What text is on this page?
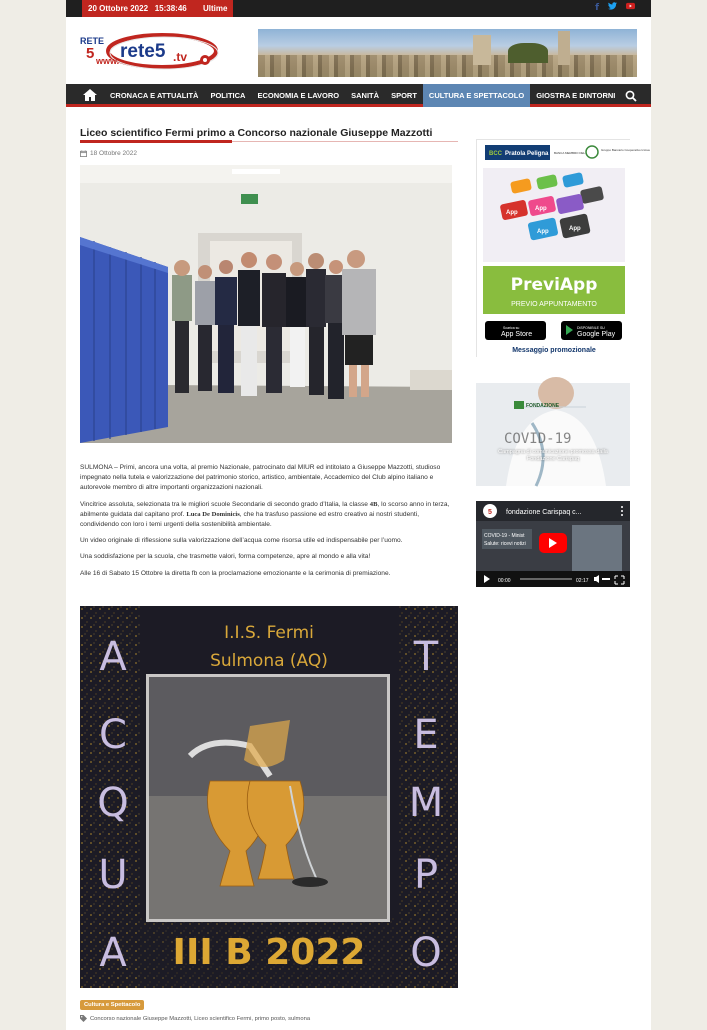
20 Ottobre 2022 15:38:46 Ultime	f
RETE
5 www. rete5 .tv
CRONACA E ATTUALITÀ	POLITICA	ECONOMIA E LAVORO	SANITÀ	SPORT	CULTURA E SPETTACOLO	GIOSTRA E DINTORNI
Liceo scientifico Fermi primo a Concorso nazionale Giuseppe Mazzotti
18 Ottobre 2022

SULMONA – Primi, ancora una volta, al premio Nazionale, patrocinato dal MIUR ed intitolato a Giuseppe Mazzotti, studioso impegnato nella tutela e valorizzazione del patrimonio storico, artistico, ambientale, Accademico del Club alpino italiano e autorevole membro di altre importanti organizzazioni nazionali.

Vincitrice assoluta, selezionata tra le migliori scuole Secondarie di secondo grado d’Italia, la classe 4B, lo scorso anno in terza, abilmente guidata dal capitano prof. Luca De Dominicis, che ha trasfuso passione ed estro creativo ai nostri studenti, condividendo con loro i temi urgenti della sostenibilità ambientale.

Un video originale di riflessione sulla valorizzazione dell’acqua come risorsa utile ed indispensabile per l’uomo.

Una soddisfazione per la scuola, che trasmette valori, forma competenze, apre al mondo e alla vita!

Alle 16 di Sabato 15 Ottobre la diretta fb con la proclamazione emozionante e la cerimonia di premiazione.

I.I.S. Fermi
Sulmona (AQ)
A
C
Q
U
A
T
E
M
P
O
III B 2022
Cultura e Spettacolo
Concorso nazionale Giuseppe Mazzotti, Liceo scientifico Fermi, primo posto, sulmona
BCC Pratola Peligna BANCA MEMBRO DEL
Gruppo Bancario Cooperativo Iccrea
App
App
App	App
PreviApp
PREVIO APPUNTAMENTO
Scarica su
App Store
DISPONIBILE SU
Google Play
Messaggio promozionale
FONDAZIONE
COVID-19
Campagna di comunicazione promossa dalla Fondazione Carispaq
5 fondazione Carispaq c...
COVID-19 - Minist
Salute: ricevi notizi
00:00	02:17
